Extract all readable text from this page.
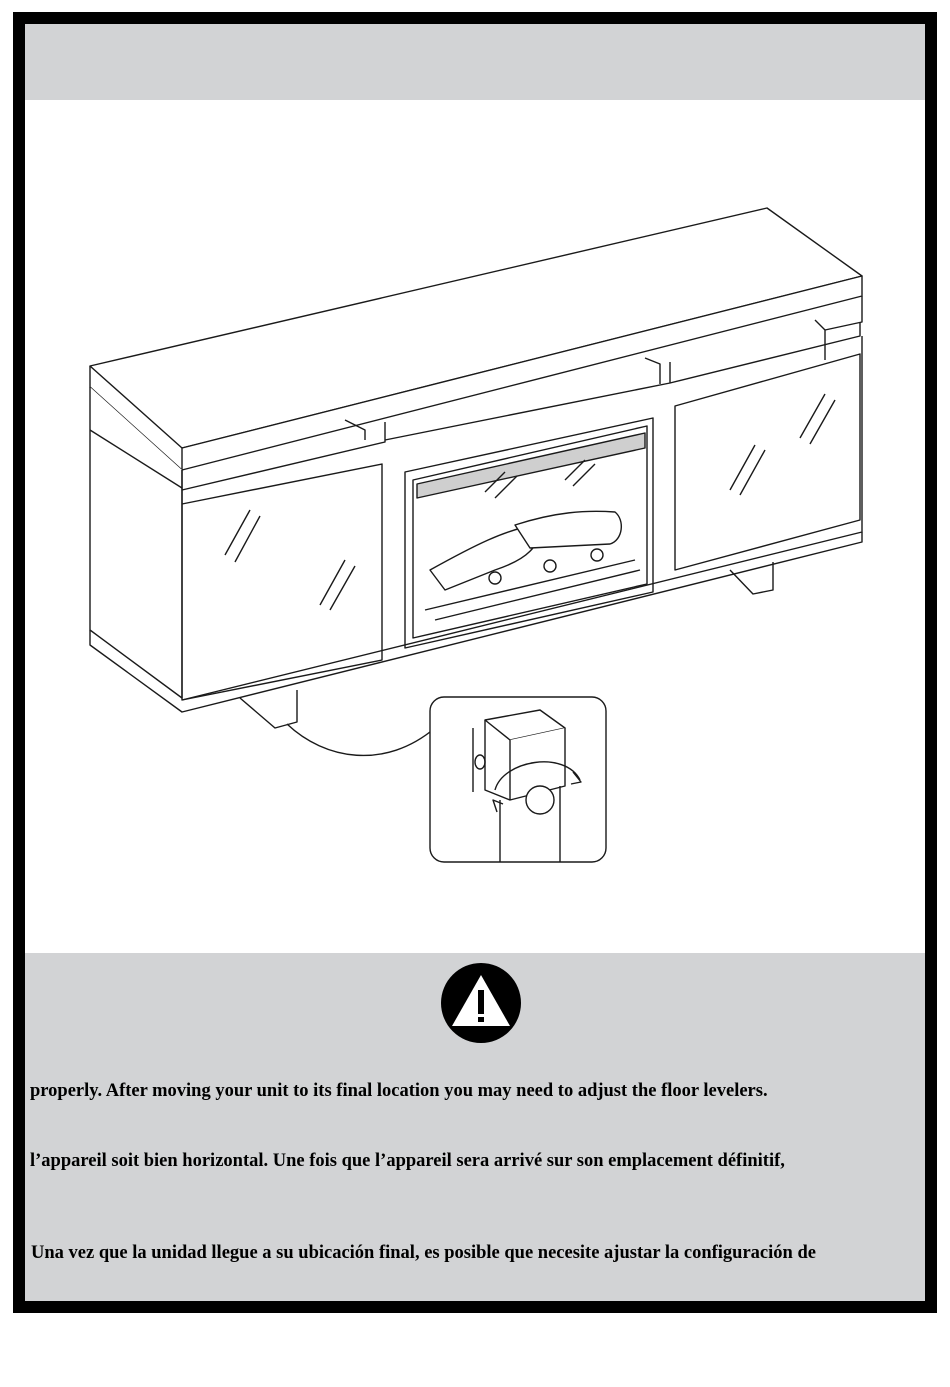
properly. After moving your unit to its final location you may need to adjust the floor levelers.

l’appareil soit bien horizontal. Une fois que l’appareil sera arrivé sur son emplacement définitif,

Una vez que la unidad llegue a su ubicación final, es posible que necesite ajustar la configuración de
